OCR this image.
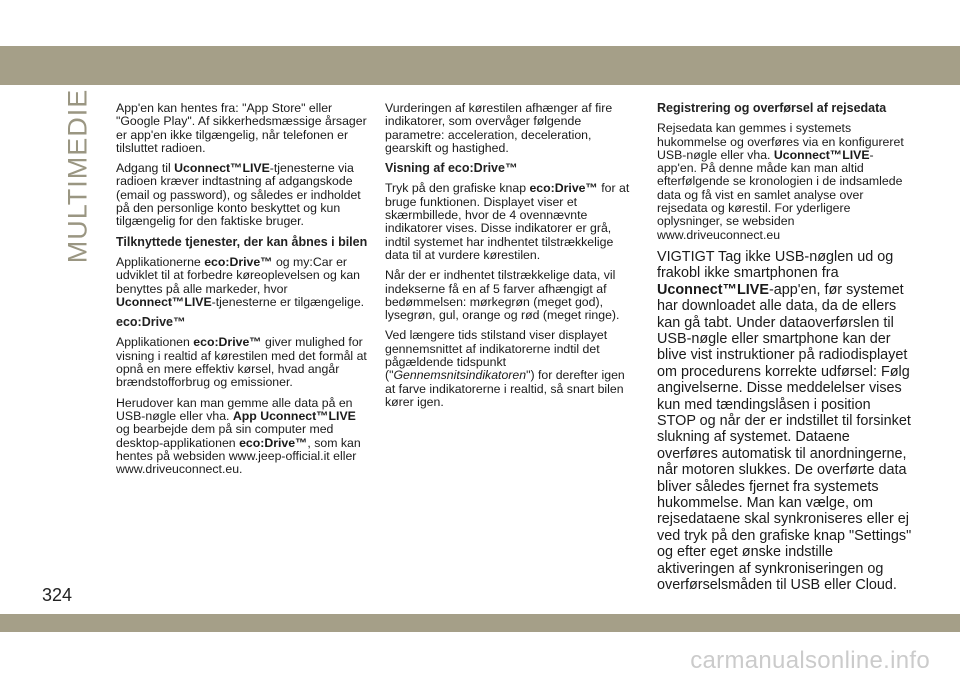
MULTIMEDIE App'en kan hentes fra: "App Store" eller "Google Play". Af sikkerhedsmæssige årsager er app'en ikke tilgængelig, når telefonen er tilsluttet radioen.

Adgang til Uconnect™LIVE-tjenesterne via radioen kræver indtastning af adgangskode (email og password), og således er indholdet på den personlige konto beskyttet og kun tilgængelig for den faktiske bruger.

Tilknyttede tjenester, der kan åbnes i bilen

Applikationerne eco:Drive™ og my:Car er udviklet til at forbedre køreoplevelsen og kan benyttes på alle markeder, hvor Uconnect™LIVE-tjenesterne er tilgængelige.

eco:Drive™

Applikationen eco:Drive™ giver mulighed for visning i realtid af kørestilen med det formål at opnå en mere effektiv kørsel, hvad angår brændstofforbrug og emissioner.

Herudover kan man gemme alle data på en USB-nøgle eller vha. App Uconnect™LIVE og bearbejde dem på sin computer med desktop-applikationen eco:Drive™, som kan hentes på websiden www.jeep-official.it eller www.driveuconnect.eu.

Vurderingen af kørestilen afhænger af fire indikatorer, som overvåger følgende parametre: acceleration, deceleration, gearskift og hastighed.

Visning af eco:Drive™

Tryk på den grafiske knap eco:Drive™ for at bruge funktionen. Displayet viser et skærmbillede, hvor de 4 ovennævnte indikatorer vises. Disse indikatorer er grå, indtil systemet har indhentet tilstrækkelige data til at vurdere kørestilen.

Når der er indhentet tilstrækkelige data, vil indekserne få en af 5 farver afhængigt af bedømmelsen: mørkegrøn (meget god), lysegrøn, gul, orange og rød (meget ringe).

Ved længere tids stilstand viser displayet gennemsnittet af indikatorerne indtil det pågældende tidspunkt ("Gennemsnitsindikatoren") for derefter igen at farve indikatorerne i realtid, så snart bilen kører igen.

Registrering og overførsel af rejsedata

Rejsedata kan gemmes i systemets hukommelse og overføres via en konfigureret USB-nøgle eller vha. Uconnect™LIVE-app'en. På denne måde kan man altid efterfølgende se kronologien i de indsamlede data og få vist en samlet analyse over rejsedata og kørestil. For yderligere oplysninger, se websiden www.driveuconnect.eu

VIGTIGT Tag ikke USB-nøglen ud og frakobl ikke smartphonen fra Uconnect™LIVE-app'en, før systemet har downloadet alle data, da de ellers kan gå tabt. Under dataoverførslen til USB-nøgle eller smartphone kan der blive vist instruktioner på radiodisplayet om procedurens korrekte udførsel: Følg angivelserne. Disse meddelelser vises kun med tændingslåsen i position STOP og når der er indstillet til forsinket slukning af systemet. Dataene overføres automatisk til anordningerne, når motoren slukkes. De overførte data bliver således fjernet fra systemets hukommelse. Man kan vælge, om rejsedataene skal synkroniseres eller ej ved tryk på den grafiske knap "Settings" og efter eget ønske indstille aktiveringen af synkroniseringen og overførselsmåden til USB eller Cloud.

324
carmanualsonline.info
